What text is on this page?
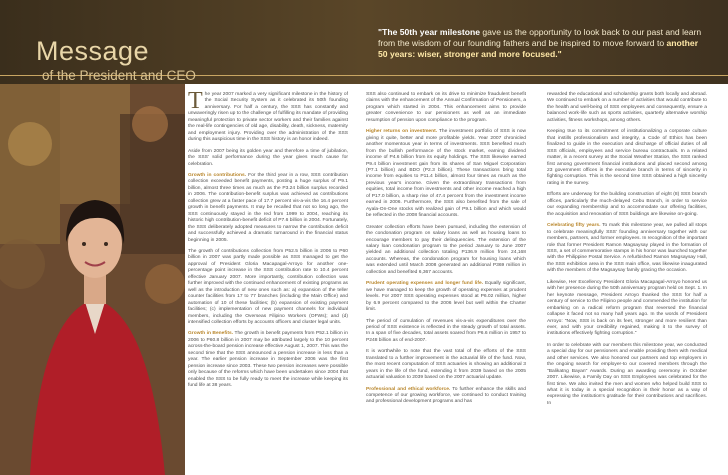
Message
of the President and CEO
"The 50th year milestone gave us the opportunity to look back to our past and learn from the wisdom of our founding fathers and be inspired to move forward to another 50 years: wiser, stronger and more focused."

The year 2007 marked a very significant milestone in the history of the Social Security System as it celebrated its 50th founding anniversary. For half a century, the SSS has constantly and unwaveringly risen up to the challenge of fulfilling its mandate of providing meaningful protection to private sector workers and their families against the real-life contingencies of old age, disability, death, sickness, maternity and employment injury. Providing over the administration of the SSS during this auspicious time in the SSS history is an honor indeed.

Aside from 2007 being its golden year and therefore a time of jubilation, the SSS' solid performance during the year gives much cause for celebration.

Growth in contributions. For the third year in a row, SSS contribution collection exceeded benefit payments, posting a huge surplus of P9.1 billion, almost three times as much as the P3.24 billion surplus recorded in 2006. The contribution-benefit surplus was achieved as contributions collection grew at a faster pace of 17.7 percent vis-a-vis the 16.4 percent growth in benefit payments. It may be recalled that not so long ago, the SSS continuously stayed in the red from 1999 to 2004, reaching its historic high contribution-benefit deficit of P7.6 billion in 2004. Fortunately, the SSS deliberately adopted measures to narrow the contribution deficit and successfully achieved a dramatic turnaround in the financial status beginning in 2005.

The growth of contributions collection from P52.5 billion in 2006 to P60 billion in 2007 was partly made possible as SSS managed to get the approval of President Gloria Macapagal-Arroyo for another one-percentage point increase in the SSS contribution rate to 10.4 percent effective January 2007. More importantly, contribution collection was further improved with the continued enhancement of existing programs as well as the introduction of new ones such as: a) expansion of the teller counter facilities from 17 to 77 branches (including the Main Office) and automation of 10 of these facilities; (b) expansion of existing payment facilities; (c) implementation of new payment channels for individual members, including the Overseas Filipino Workers (OFWs); and (d) intensified collection efforts by accounts officers and cluster legal units.

Growth in Benefits. The growth in benefit payments from P52.1 billion in 2006 to P60.8 billion in 2007 may be attributed largely to the 10 percent across-the-board pension increase effective August 1, 2007. This was the second time that the SSS announced a pension increase in less than a year. The earlier pension increase in September 2006 was the first pension increase since 2003. These two pension increases were possible only because of the reforms which have been undertaken since 2004 that enabled the SSS to be fully ready to meet the increase while keeping its fund life at 38 years.

SSS also continued to embark on its drive to minimize fraudulent benefit claims with the enhancement of the Annual Confirmation of Pensioners, a program which started in 2004. This enhancement aims to provide greater convenience to our pensioners as well as an immediate resumption of pension upon compliance to the program.

Higher returns on investment. The investment portfolio of SSS is now giving it quite, better and more profitable yields. Year 2007 chronicled another momentous year in terms of investments. SSS benefited much from the bullish performance of the stock market, earning dividend income of P4.6 billion from its equity holdings. The SSS likewise earned P9.4 billion investment gain from its shares of San Miguel Corporation (P7.1 billion) and BDO (P2.3 billion). These transactions bring total income from equities to P11.4 billion, almost four times as much as the previous year's income. Given the extraordinary transactions from equities, total income from investments and other income reached a high of P17.0 billion, a sharp rise of 47.4 percent from the investment income earned in 2006. Furthermore, the SSS also benefited from the sale of Ayala-On-One stocks with realized gain of P9.1 billion and which would be reflected in the 2008 financial accounts.

Greater collection efforts have been pursued, including the extension of the condonation program on salary loans as well as housing loans to encourage members to pay their delinquencies. The extension of the salary loan condonation program to the period January to June 2007 yielded an additional collection totaling P136.9 million from 24,168 accounts. Whereas, the condonation program for housing loans which was extended until March 2008 generated an additional P369 million in collection and benefited 6,367 accounts.

Prudent operating expenses and longer fund life. Equally significant, we have managed to keep the growth of operating expenses at prudent levels. For 2007 SSS operating expenses stood at P6.02 million, higher by 6.9 percent compared to the 2006 level but well within the Charter limit.

The period of cumulation of revenues vis-a-vis expenditures over the period of SSS existence is reflected in the steady growth of total assets. In a span of five decades, total assets soared from P6.6 million in 1957 to P248 billion as of end-2007.

It is worthwhile to note that the vast total of the efforts of the SSS translated to a further improvement in the actuarial life of the fund. Now, the most recent computation of SSS actuaries is showing an additional 3 years in the life of the fund, extending it from 2039 based on the 2005 actuarial valuation to 2039 based on the 2007 actuarial update.

Professional and ethical workforce. To further enhance the skills and competence of our growing workforce, we continued to conduct training and professional development programs and has

rewarded the educational and scholarship grants both locally and abroad. We continued to embark on a number of activities that would contribute to the health and well-being of SSS employees and consequently, ensure a balanced work-life such as sports activities, quarterly alternative worship activities, fitness workshops, among others.

Keeping true to its commitment of institutionalizing a corporate culture that instills professionalism and integrity, a Code of Ethics has been finalized to guide in the execution and discharge of official duties of all SSS officials, employees and service bureau contractuals. In a related matter, in a recent survey at the Social Weather Station, the SSS ranked first among government financial institutions and placed second among 23 government offices in the executive branch in terms of sincerity in fighting corruption. This is the second time SSS obtained a high sincerity rating in the survey.

Efforts are underway for the building construction of eight (8) SSS branch offices, particularly the much-delayed Cebu Branch, in order to service our expanding membership and to accommodate our offering facilities, the acquisition and renovation of SSS buildings are likewise on-going.

Celebrating fifty years. To mark this milestone year, we pulled all stops to celebrate meaningfully SSS' founding anniversary together with our members, partners, and former employees. In recognition of the important role that former President Ramon Magsaysay played in the formation of SSS, a set of commemorative stamps in his honor was launched together with the Philippine Postal Service. A refurbished Ramon Magsaysay Hall, the SSS exhibition area in the SSS main office, was likewise inaugurated with the members of the Magsaysay family gracing the occasion.

Likewise, Her Excellency President Gloria Macapagal-Arroyo honored us with her presence during the 50th anniversary program held on Sept. 1. In her keynote message, President Arroyo thanked the SSS for half a century of service to the Filipino people and commended the institution for embarking on a radical reform program that reversed the financial collapse it faced not so many half years ago. In the words of President Arroyo: "Now, SSS is back on its feet, stronger and more resilient than ever, and with your credibility regained, making it to the survey of institutions effectively fighting corruption."

In order to celebrate with our members this milestone year, we conducted a special day for our pensioners and enable providing them with medical and other services. We also honored our partners and top employers in the ongoing search for employer-to our covered members through the "Balikatng Bayan" Awards. During an awarding ceremony in October 2007. Likewise, a Family Day on SSS Employees was celebrated for the first time. We also invited the men and women who helped build SSS to what it is today in a special recognition in their honor as a way of expressing the institution's gratitude for their contributions and sacrifices. In
